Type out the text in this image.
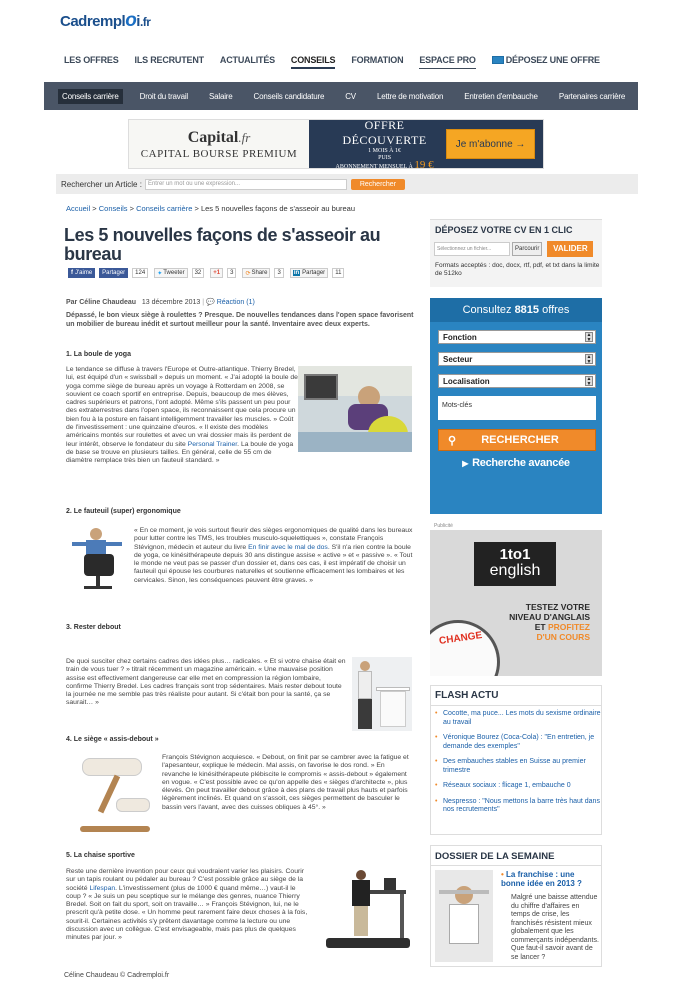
Cadremploi.fr
LES OFFRES ILS RECRUTENT ACTUALITÉS CONSEILS FORMATION ESPACE PRO	DÉPOSEZ UNE OFFRE
Conseils carrière	Droit du travail	Salaire	Conseils candidature	CV	Lettre de motivation	Entretien d'embauche	Partenaires carrière
Capital.fr
CAPITAL BOURSE PREMIUM
OFFRE DÉCOUVERTE
1 MOIS À 1€
PUIS
ABONNEMENT MENSUEL À 19 €
Je m'abonne →
Rechercher un Article :	Entrer un mot ou une expression...	Rechercher
Accueil > Conseils > Conseils carrière > Les 5 nouvelles façons de s'asseoir au bureau
Les 5 nouvelles façons de s'asseoir au bureau
f J'aime	Partager	124	✦ Tweeter	32	+1	3	⟳ Share	3	in Partager	11
Par Céline Chaudeau 13 décembre 2013 | 💬 Réaction (1)

Dépassé, le bon vieux siège à roulettes ? Presque. De nouvelles tendances dans l'open space favorisent un mobilier de bureau inédit et surtout meilleur pour la santé. Inventaire avec deux experts.

1. La boule de yoga

Le tendance se diffuse à travers l'Europe et Outre-atlantique. Thierry Bredel, lui, est équipé d'un « swissball » depuis un moment. « J'ai adopté la boule de yoga comme siège de bureau après un voyage à Rotterdam en 2008, se souvient ce coach sportif en entreprise. Depuis, beaucoup de mes élèves, cadres supérieurs et patrons, l'ont adopté. Même s'ils passent un peu pour des extraterrestres dans l'open space, ils reconnaissent que cela procure un bien fou à la posture en faisant intelligemment travailler les muscles. » Coût de l'investissement : une quinzaine d'euros. « Il existe des modèles américains montés sur roulettes et avec un vrai dossier mais ils perdent de leur intérêt, observe le fondateur du site Personal Trainer. La boule de yoga de base se trouve en plusieurs tailles. En général, celle de 55 cm de diamètre remplace très bien un fauteuil standard. »

2. Le fauteuil (super) ergonomique

« En ce moment, je vois surtout fleurir des sièges ergonomiques de qualité dans les bureaux pour lutter contre les TMS, les troubles musculo-squelettiques », constate François Stévignon, médecin et auteur du livre En finir avec le mal de dos. S'il n'a rien contre la boule de yoga, ce kinésithérapeute depuis 30 ans distingue assise « active » et « passive ». « Tout le monde ne veut pas se passer d'un dossier et, dans ces cas, il est impératif de choisir un fauteuil qui épouse les courbures naturelles et soutienne efficacement les lombaires et les cervicales. Sinon, les conséquences peuvent être graves. »

3. Rester debout

De quoi susciter chez certains cadres des idées plus… radicales. « Et si votre chaise était en train de vous tuer ? » titrait récemment un magazine américain. « Une mauvaise position assise est effectivement dangereuse car elle met en compression la région lombaire, confirme Thierry Bredel. Les cadres français sont trop sédentaires. Mais rester debout toute la journée ne me semble pas très réaliste pour autant. Si c'était bon pour la santé, ça se saurait… »

4. Le siège « assis-debout »

François Stévignon acquiesce. « Debout, on finit par se cambrer avec la fatigue et l'apesanteur, explique le médecin. Mal assis, on favorise le dos rond. » En revanche le kinésithérapeute plébiscite le compromis « assis-debout » également en vogue. « C'est possible avec ce qu'on appelle des « sièges d'architecte », plus élevés. On peut travailler debout grâce à des plans de travail plus hauts et parfois légèrement inclinés. Et quand on s'assoit, ces sièges permettent de basculer le bassin vers l'avant, avec des cuisses obliques à 45°. »

5. La chaise sportive

Reste une dernière invention pour ceux qui voudraient varier les plaisirs. Courir sur un tapis roulant ou pédaler au bureau ? C'est possible grâce au siège de la société Lifespan. L'investissement (plus de 1000 € quand même…) vaut-il le coup ? « Je suis un peu sceptique sur le mélange des genres, nuance Thierry Bredel. Soit on fait du sport, soit on travaille… » François Stévignon, lui, ne le prescrit qu'à petite dose. « Un homme peut rarement faire deux choses à la fois, sourit-il. Certaines activités s'y prêtent davantage comme la lecture ou une discussion avec un collègue. C'est envisageable, mais pas plus de quelques minutes par jour. »

Céline Chaudeau © Cadremploi.fr
DÉPOSEZ VOTRE CV EN 1 CLIC
Sélectionnez un fichier...	Parcourir	VALIDER
Formats acceptés : doc, docx, rtf, pdf, et txt dans la limite de 512ko
Consultez 8815 offres
Fonction	▲
▼
Secteur	▲
▼
Localisation	▲
▼
Mots-clés
⚲	RECHERCHER
▶ Recherche avancée
Publicité
1to1
english
TESTEZ VOTRE
NIVEAU D'ANGLAIS
ET PROFITEZ
D'UN COURS
CHANGE
FLASH ACTU
• Cocotte, ma puce... Les mots du sexisme ordinaire au travail
• Véronique Bourez (Coca-Cola) : "En entretien, je demande des exemples"
• Des embauches stables en Suisse au premier trimestre
• Réseaux sociaux : flicage 1, embauche 0
• Nespresso : "Nous mettons la barre très haut dans nos recrutements"
DOSSIER DE LA SEMAINE
• La franchise : une bonne idée en 2013 ?
Malgré une baisse attendue du chiffre d'affaires en temps de crise, les franchisés résistent mieux globalement que les commerçants indépendants. Que faut-il savoir avant de se lancer ?
